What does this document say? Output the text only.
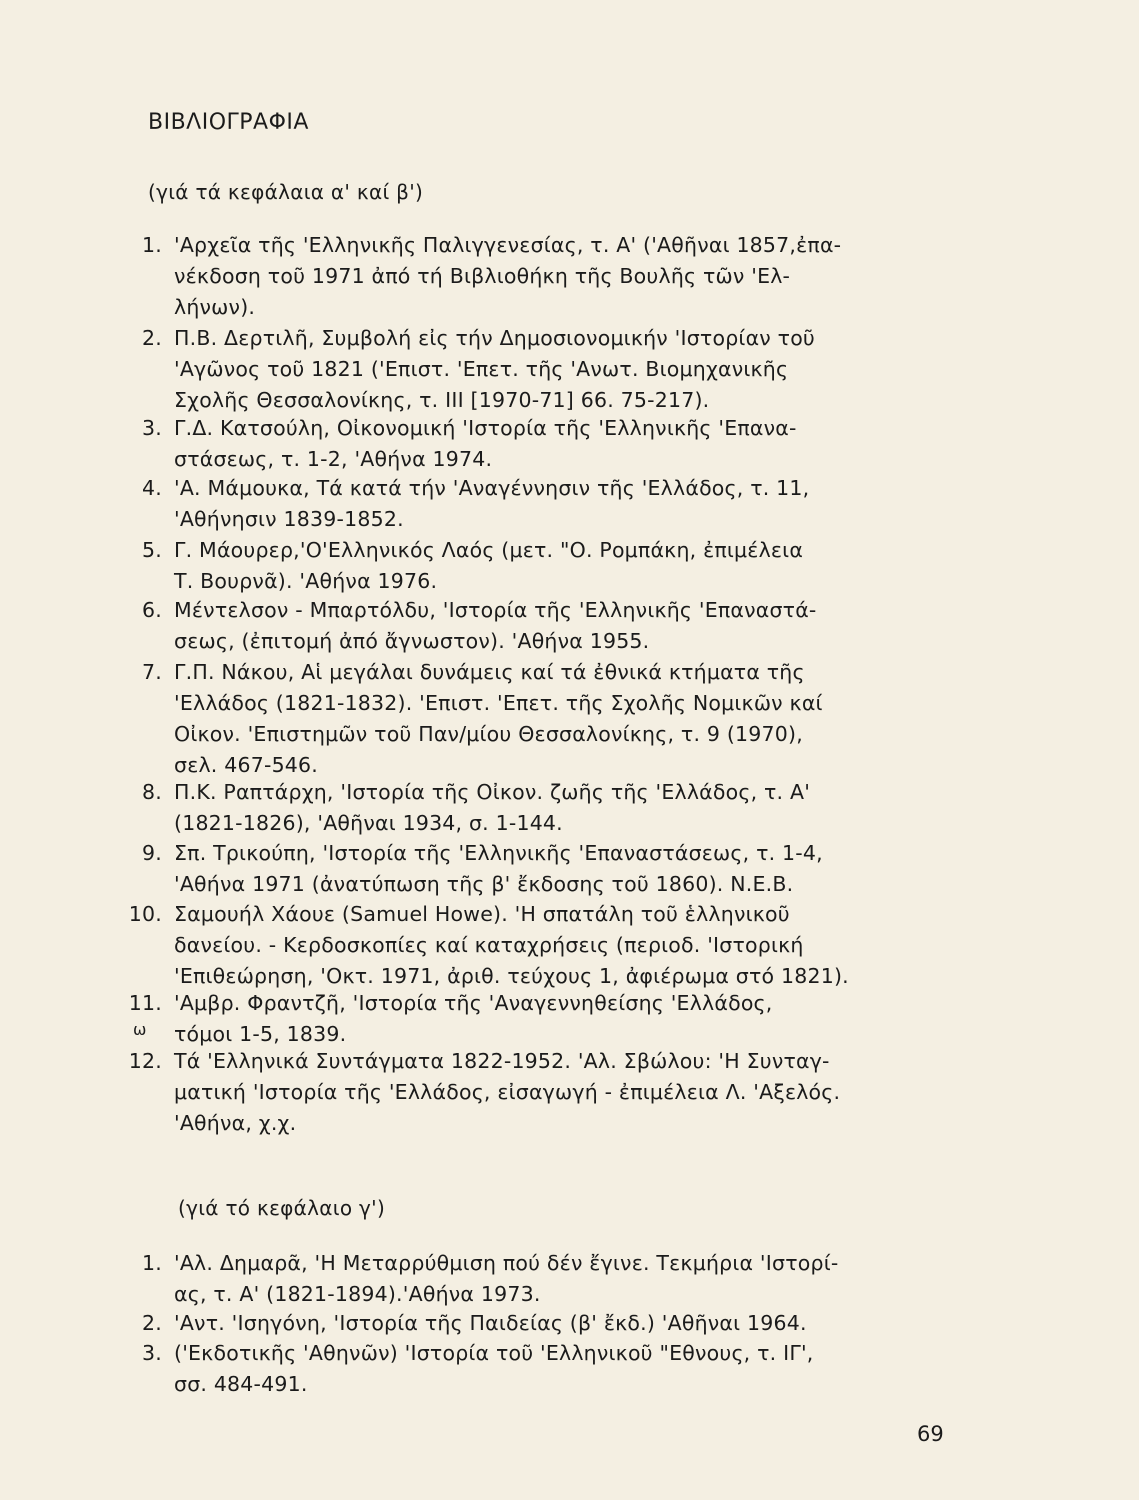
ΒΙΒΛΙΟΓΡΑΦΙΑ
(γιά τά κεφάλαια α' καί β')
1. 'Αρχεῖα τῆς 'Ελληνικῆς Παλιγγενεσίας, τ. Α' ('Αθῆναι 1857,ἐπα-
νέκδοση τοῦ 1971 ἀπό τή Βιβλιοθήκη τῆς Βουλῆς τῶν 'Ελ-
λήνων).
2. Π.Β. Δερτιλῆ, Συμβολή εἰς τήν Δημοσιονομικήν 'Ιστορίαν τοῦ
'Αγῶνος τοῦ 1821 ('Επιστ. 'Επετ. τῆς 'Ανωτ. Βιομηχανικῆς
Σχολῆς Θεσσαλονίκης, τ. ΙΙΙ [1970-71] 66. 75-217).
3. Γ.Δ. Κατσούλη, Οἰκονομική 'Ιστορία τῆς 'Ελληνικῆς 'Επανα-
στάσεως, τ. 1-2, 'Αθήνα 1974.
4. 'Α. Μάμουκα, Τά κατά τήν 'Αναγέννησιν τῆς 'Ελλάδος, τ. 11,
'Αθήνησιν 1839-1852.
5. Γ. Μάουρερ,'Ο'Ελληνικός Λαός (μετ. "Ο. Ρομπάκη, ἐπιμέλεια
Τ. Βουρνᾶ). 'Αθήνα 1976.
6. Μέντελσον - Μπαρτόλδυ, 'Ιστορία τῆς 'Ελληνικῆς 'Επαναστά-
σεως, (ἐπιτομή ἀπό ἄγνωστον). 'Αθήνα 1955.
7. Γ.Π. Νάκου, Αἱ μεγάλαι δυνάμεις καί τά ἐθνικά κτήματα τῆς
'Ελλάδος (1821-1832). 'Επιστ. 'Επετ. τῆς Σχολῆς Νομικῶν καί
Οἰκον. 'Επιστημῶν τοῦ Παν/μίου Θεσσαλονίκης, τ. 9 (1970),
σελ. 467-546.
8. Π.Κ. Ραπτάρχη, 'Ιστορία τῆς Οἰκον. ζωῆς τῆς 'Ελλάδος, τ. Α'
(1821-1826), 'Αθῆναι 1934, σ. 1-144.
9. Σπ. Τρικούπη, 'Ιστορία τῆς 'Ελληνικῆς 'Επαναστάσεως, τ. 1-4,
'Αθήνα 1971 (ἀνατύπωση τῆς β' ἔκδοσης τοῦ 1860). Ν.Ε.Β.
10. Σαμουήλ Χάουε (Samuel Howe). 'Η σπατάλη τοῦ ἑλληνικοῦ
δανείου. - Κερδοσκοπίες καί καταχρήσεις (περιοδ. 'Ιστορική
'Επιθεώρηση, 'Οκτ. 1971, ἀριθ. τεύχους 1, ἀφιέρωμα στό 1821).
11. 'Αμβρ. Φραντζῆ, 'Ιστορία τῆς 'Αναγεννηθείσης 'Ελλάδος,
τόμοι 1-5, 1839.
ω
12. Τά 'Ελληνικά Συντάγματα 1822-1952. 'Αλ. Σβώλου: 'Η Συνταγ-
ματική 'Ιστορία τῆς 'Ελλάδος, εἰσαγωγή - ἐπιμέλεια Λ. 'Αξελός.
'Αθήνα, χ.χ.
(γιά τό κεφάλαιο γ')
1. 'Αλ. Δημαρᾶ, 'Η Μεταρρύθμιση πού δέν ἔγινε. Τεκμήρια 'Ιστορί-
ας, τ. Α' (1821-1894).'Αθήνα 1973.
2. 'Αντ. 'Ισηγόνη, 'Ιστορία τῆς Παιδείας (β' ἔκδ.) 'Αθῆναι 1964.
3. ('Εκδοτικῆς 'Αθηνῶν) 'Ιστορία τοῦ 'Ελληνικοῦ "Εθνους, τ. ΙΓ',
σσ. 484-491.
69
